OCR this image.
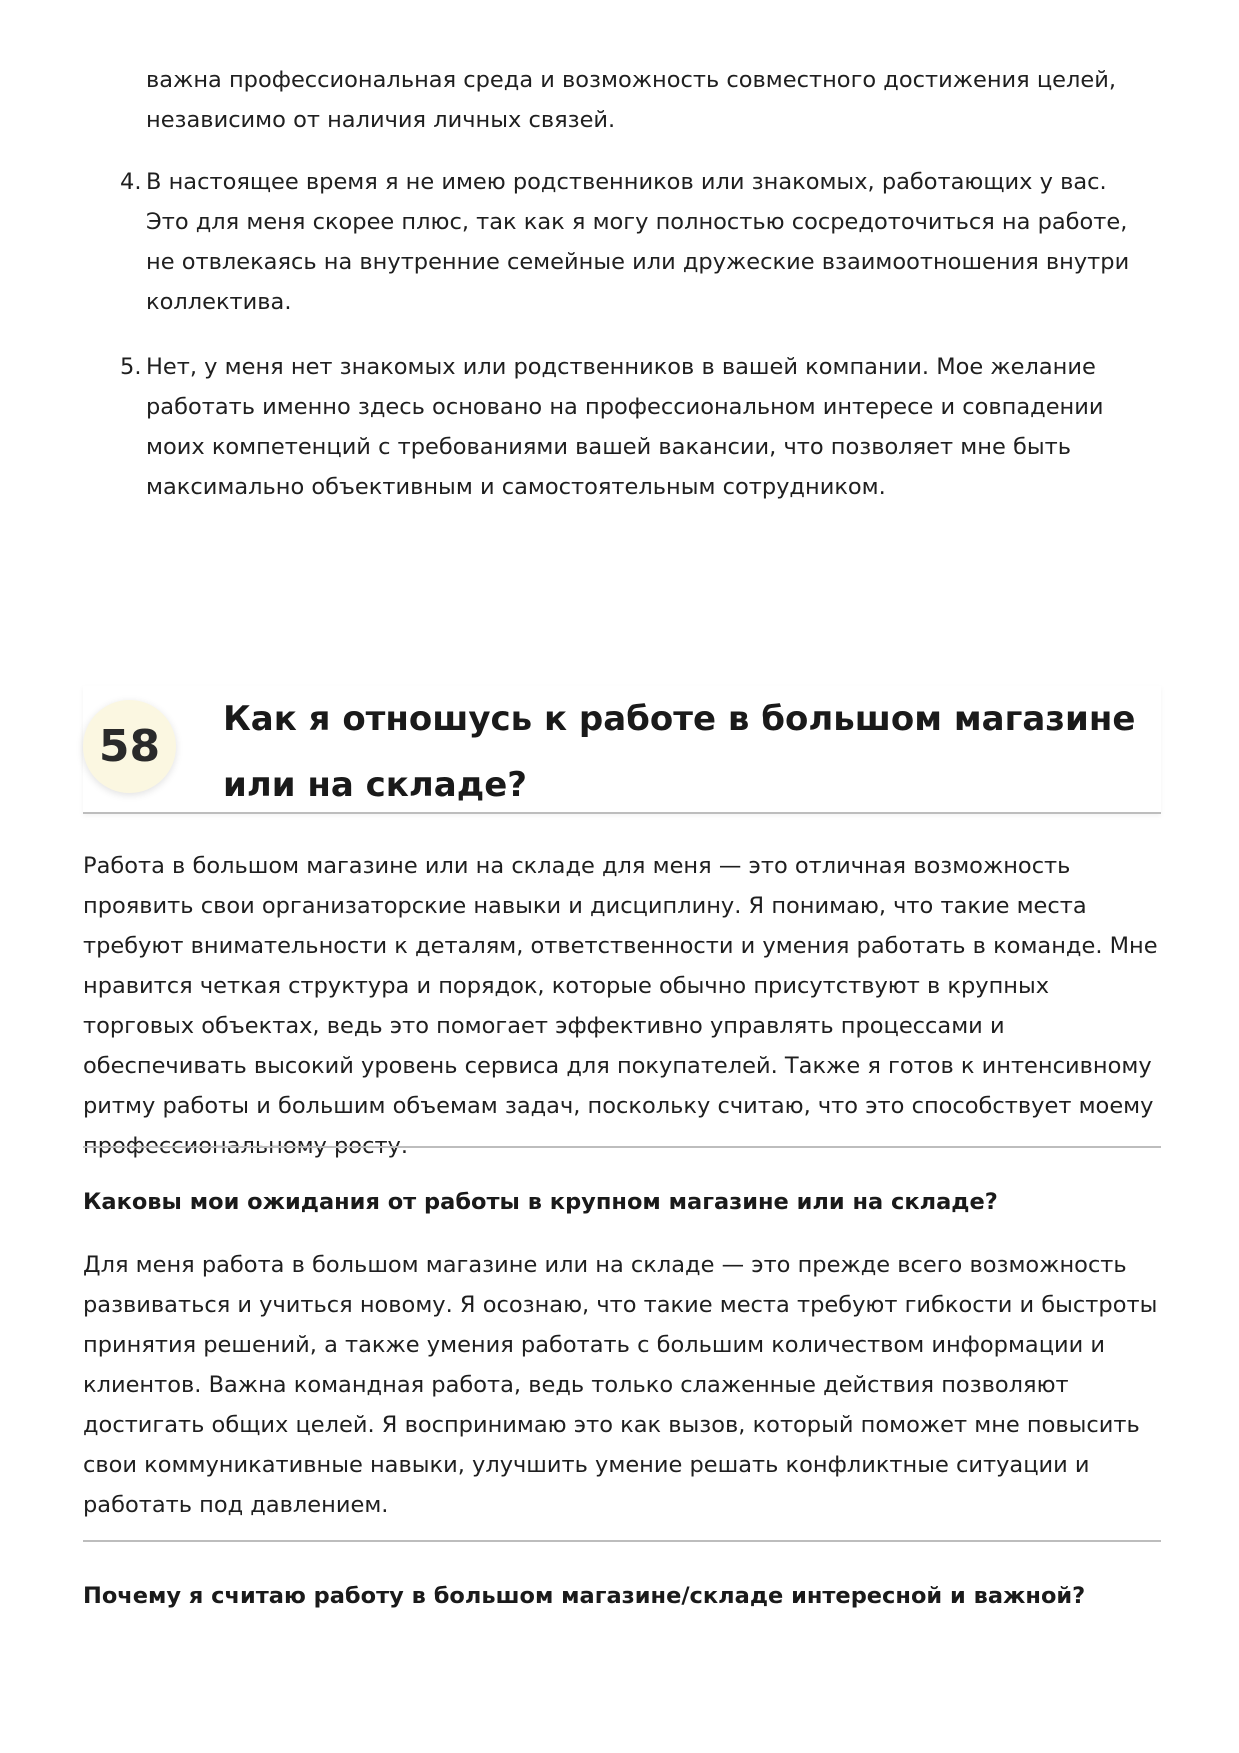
важна профессиональная среда и возможность совместного достижения целей, независимо от наличия личных связей.

4. В настоящее время я не имею родственников или знакомых, работающих у вас. Это для меня скорее плюс, так как я могу полностью сосредоточиться на работе, не отвлекаясь на внутренние семейные или дружеские взаимоотношения внутри коллектива.
5. Нет, у меня нет знакомых или родственников в вашей компании. Мое желание работать именно здесь основано на профессиональном интересе и совпадении моих компетенций с требованиями вашей вакансии, что позволяет мне быть максимально объективным и самостоятельным сотрудником.
58
Как я отношусь к работе в большом магазине или на складе?

Работа в большом магазине или на складе для меня — это отличная возможность проявить свои организаторские навыки и дисциплину. Я понимаю, что такие места требуют внимательности к деталям, ответственности и умения работать в команде. Мне нравится четкая структура и порядок, которые обычно присутствуют в крупных торговых объектах, ведь это помогает эффективно управлять процессами и обеспечивать высокий уровень сервиса для покупателей. Также я готов к интенсивному ритму работы и большим объемам задач, поскольку считаю, что это способствует моему профессиональному росту.

Каковы мои ожидания от работы в крупном магазине или на складе?

Для меня работа в большом магазине или на складе — это прежде всего возможность развиваться и учиться новому. Я осознаю, что такие места требуют гибкости и быстроты принятия решений, а также умения работать с большим количеством информации и клиентов. Важна командная работа, ведь только слаженные действия позволяют достигать общих целей. Я воспринимаю это как вызов, который поможет мне повысить свои коммуникативные навыки, улучшить умение решать конфликтные ситуации и работать под давлением.

Почему я считаю работу в большом магазине/складе интересной и важной?
